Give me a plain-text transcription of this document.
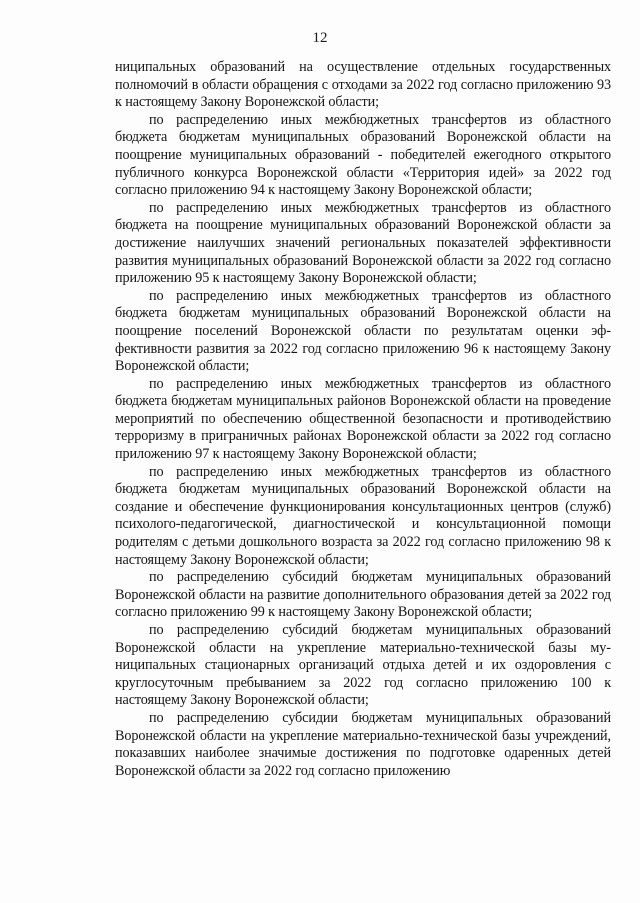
12

ниципальных образований на осуществление отдельных государственных полномочий в области обращения с отходами за 2022 год согласно приложению 93 к настоящему Закону Воронежской области;

по распределению иных межбюджетных трансфертов из областного бюджета бюджетам муниципальных образований Воронежской области на поощрение муниципальных образований - победителей ежегодного открытого публичного конкурса Воронежской области «Территория идей» за 2022 год согласно приложению 94 к настоящему Закону Воронежской области;

по распределению иных межбюджетных трансфертов из областного бюджета на поощрение муниципальных образований Воронежской области за достижение наилучших значений региональных показателей эффективности развития муниципальных образований Воронежской области за 2022 год согласно приложению 95 к настоящему Закону Воронежской области;

по распределению иных межбюджетных трансфертов из областного бюджета бюджетам муниципальных образований Воронежской области на поощрение поселений Воронежской области по результатам оценки эффективности развития за 2022 год согласно приложению 96 к настоящему Закону Воронежской области;

по распределению иных межбюджетных трансфертов из областного бюджета бюджетам муниципальных районов Воронежской области на проведение мероприятий по обеспечению общественной безопасности и противодействию терроризму в приграничных районах Воронежской области за 2022 год согласно приложению 97 к настоящему Закону Воронежской области;

по распределению иных межбюджетных трансфертов из областного бюджета бюджетам муниципальных образований Воронежской области на создание и обеспечение функционирования консультационных центров (служб) психолого-педагогической, диагностической и консультационной помощи родителям с детьми дошкольного возраста за 2022 год согласно приложению 98 к настоящему Закону Воронежской области;

по распределению субсидий бюджетам муниципальных образований Воронежской области на развитие дополнительного образования детей за 2022 год согласно приложению 99 к настоящему Закону Воронежской области;

по распределению субсидий бюджетам муниципальных образований Воронежской области на укрепление материально-технической базы муниципальных стационарных организаций отдыха детей и их оздоровления с круглосуточным пребыванием за 2022 год согласно приложению 100 к настоящему Закону Воронежской области;

по распределению субсидии бюджетам муниципальных образований Воронежской области на укрепление материально-технической базы учреждений, показавших наиболее значимые достижения по подготовке одаренных детей Воронежской области за 2022 год согласно приложению
